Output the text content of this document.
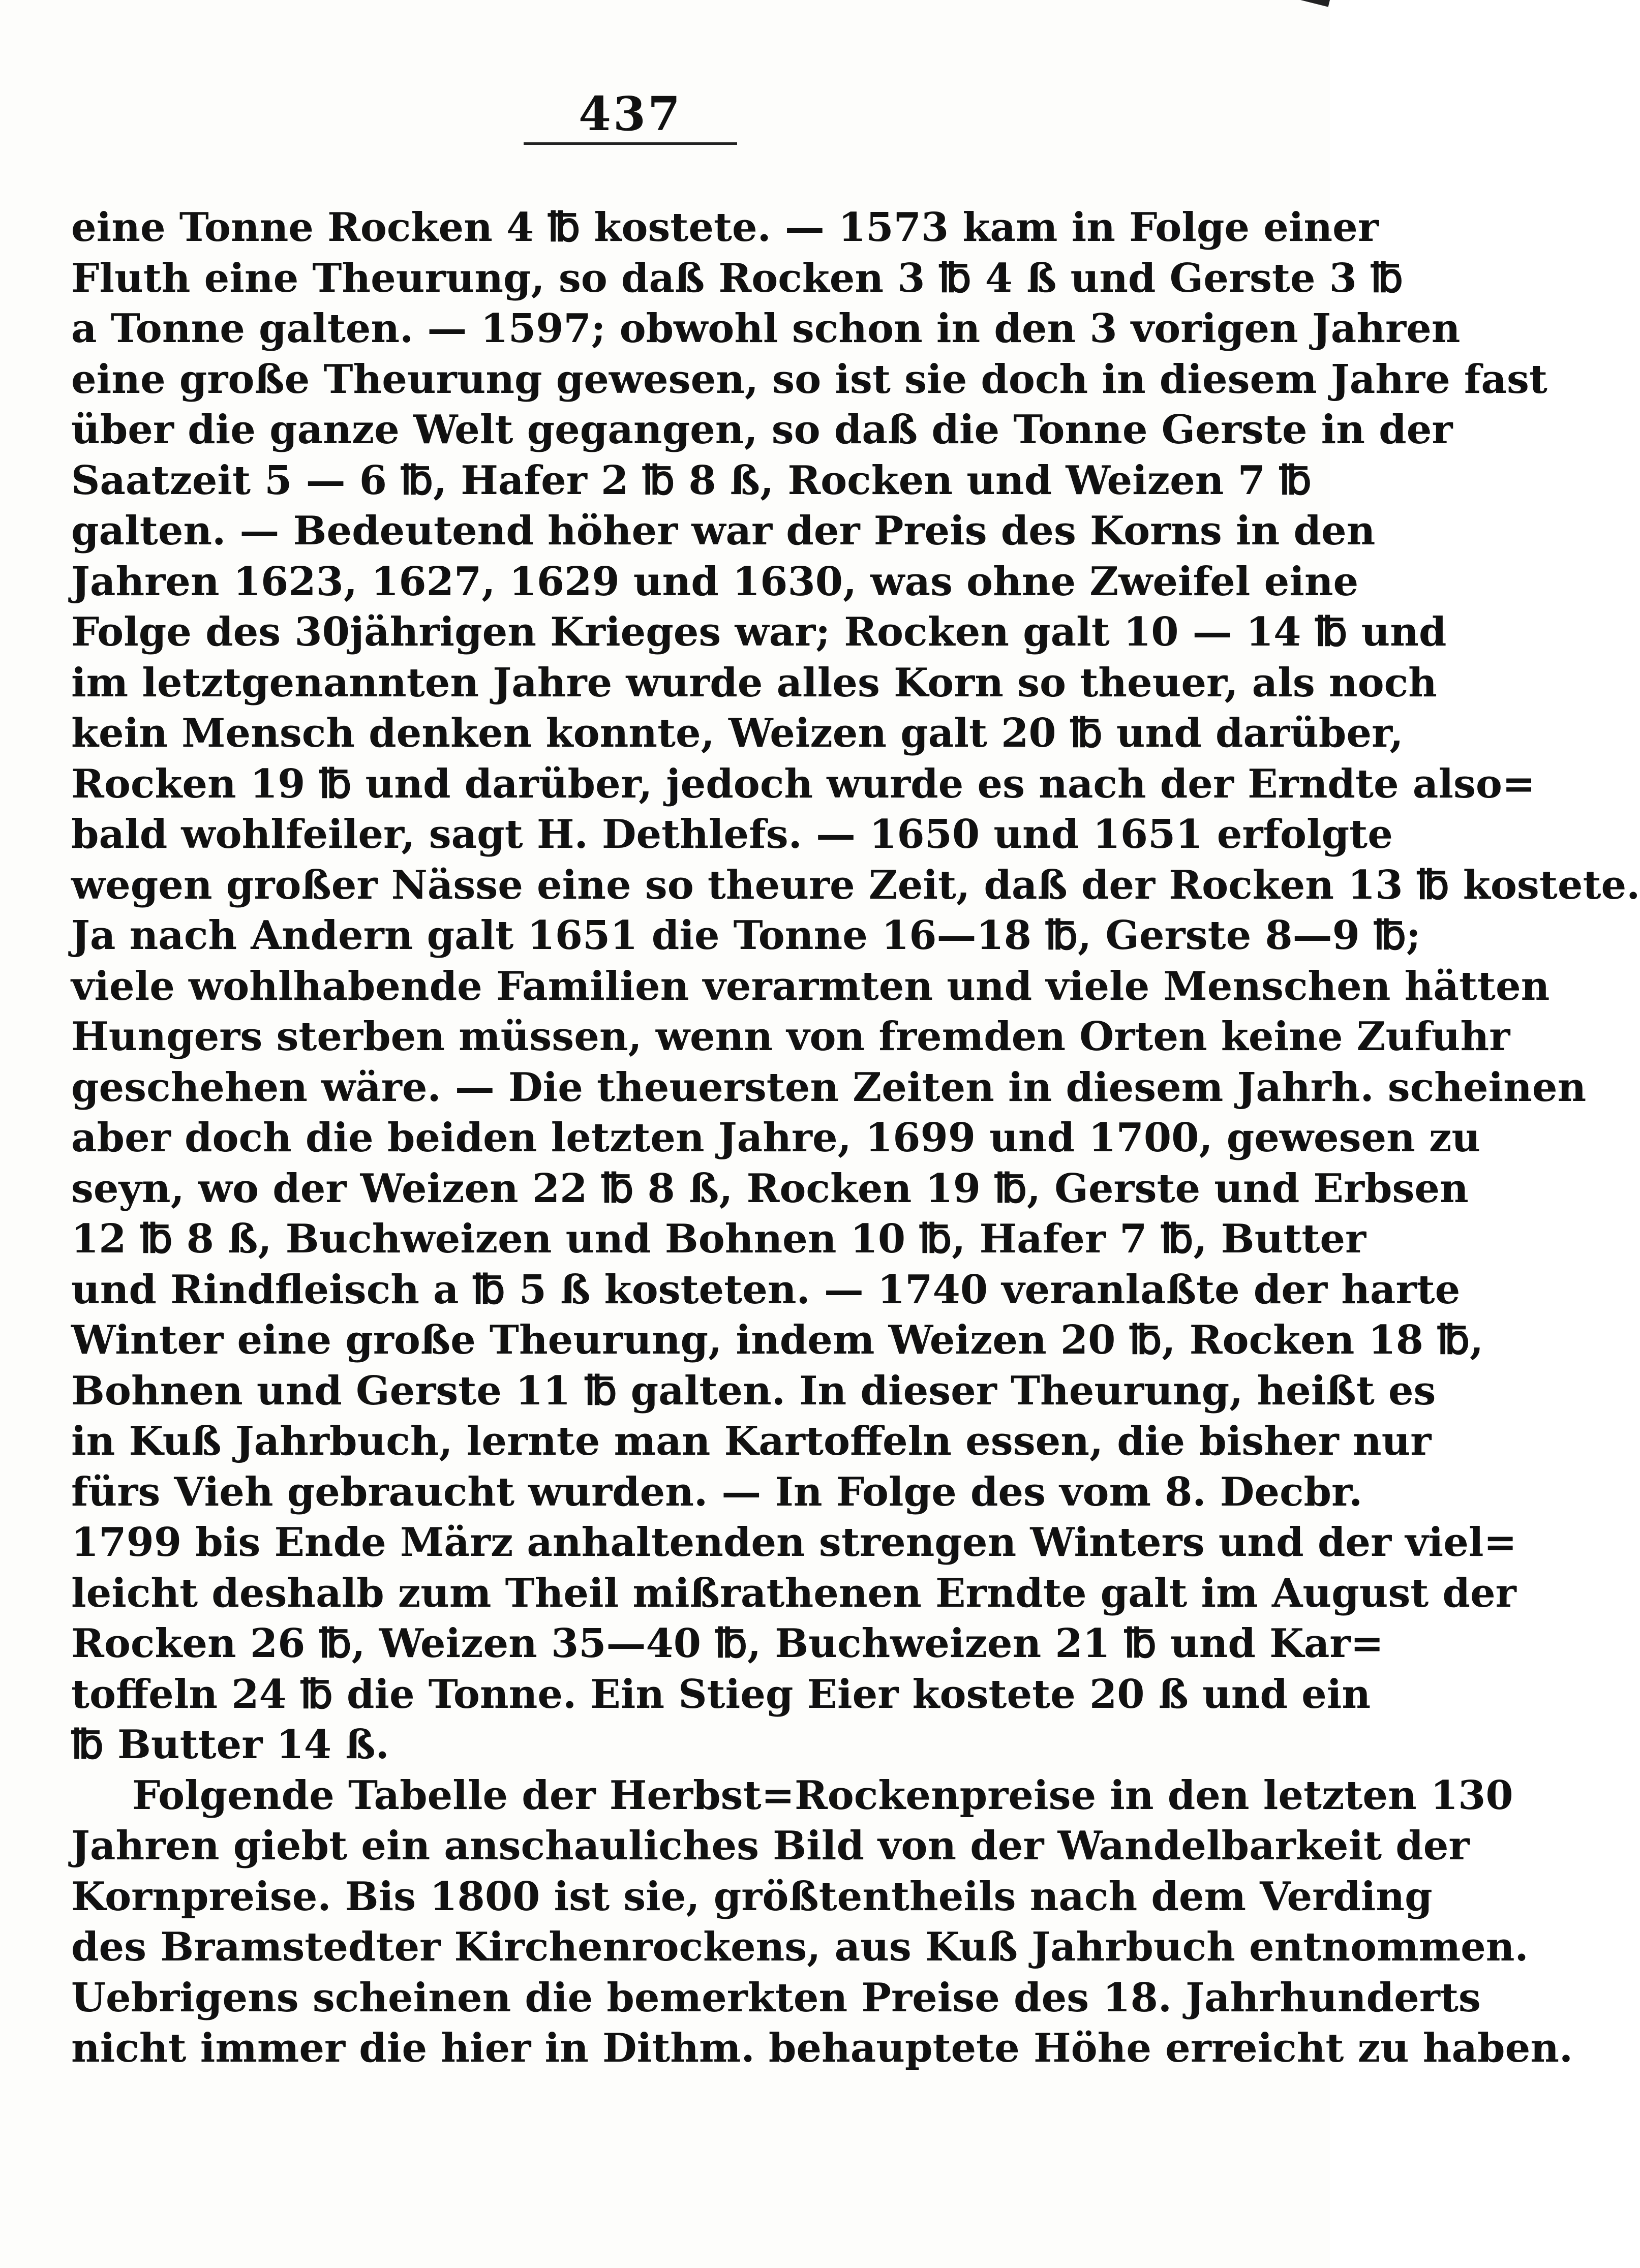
437
eine Tonne Rocken 4 ℔ kostete. — 1573 kam in Folge einer
Fluth eine Theurung, so daß Rocken 3 ℔ 4 ß und Gerste 3 ℔
a Tonne galten. — 1597; obwohl schon in den 3 vorigen Jahren
eine große Theurung gewesen, so ist sie doch in diesem Jahre fast
über die ganze Welt gegangen, so daß die Tonne Gerste in der
Saatzeit 5 — 6 ℔, Hafer 2 ℔ 8 ß, Rocken und Weizen 7 ℔
galten. — Bedeutend höher war der Preis des Korns in den
Jahren 1623, 1627, 1629 und 1630, was ohne Zweifel eine
Folge des 30jährigen Krieges war; Rocken galt 10 — 14 ℔ und
im letztgenannten Jahre wurde alles Korn so theuer, als noch
kein Mensch denken konnte, Weizen galt 20 ℔ und darüber,
Rocken 19 ℔ und darüber, jedoch wurde es nach der Erndte also=
bald wohlfeiler, sagt H. Dethlefs. — 1650 und 1651 erfolgte
wegen großer Nässe eine so theure Zeit, daß der Rocken 13 ℔ kostete.
Ja nach Andern galt 1651 die Tonne 16—18 ℔, Gerste 8—9 ℔;
viele wohlhabende Familien verarmten und viele Menschen hätten
Hungers sterben müssen, wenn von fremden Orten keine Zufuhr
geschehen wäre. — Die theuersten Zeiten in diesem Jahrh. scheinen
aber doch die beiden letzten Jahre, 1699 und 1700, gewesen zu
seyn, wo der Weizen 22 ℔ 8 ß, Rocken 19 ℔, Gerste und Erbsen
12 ℔ 8 ß, Buchweizen und Bohnen 10 ℔, Hafer 7 ℔, Butter
und Rindfleisch a ℔ 5 ß kosteten. — 1740 veranlaßte der harte
Winter eine große Theurung, indem Weizen 20 ℔, Rocken 18 ℔,
Bohnen und Gerste 11 ℔ galten. In dieser Theurung, heißt es
in Kuß Jahrbuch, lernte man Kartoffeln essen, die bisher nur
fürs Vieh gebraucht wurden. — In Folge des vom 8. Decbr.
1799 bis Ende März anhaltenden strengen Winters und der viel=
leicht deshalb zum Theil mißrathenen Erndte galt im August der
Rocken 26 ℔, Weizen 35—40 ℔, Buchweizen 21 ℔ und Kar=
toffeln 24 ℔ die Tonne. Ein Stieg Eier kostete 20 ß und ein
℔ Butter 14 ß.
Folgende Tabelle der Herbst=Rockenpreise in den letzten 130
Jahren giebt ein anschauliches Bild von der Wandelbarkeit der
Kornpreise. Bis 1800 ist sie, größtentheils nach dem Verding
des Bramstedter Kirchenrockens, aus Kuß Jahrbuch entnommen.
Uebrigens scheinen die bemerkten Preise des 18. Jahrhunderts
nicht immer die hier in Dithm. behauptete Höhe erreicht zu haben.
